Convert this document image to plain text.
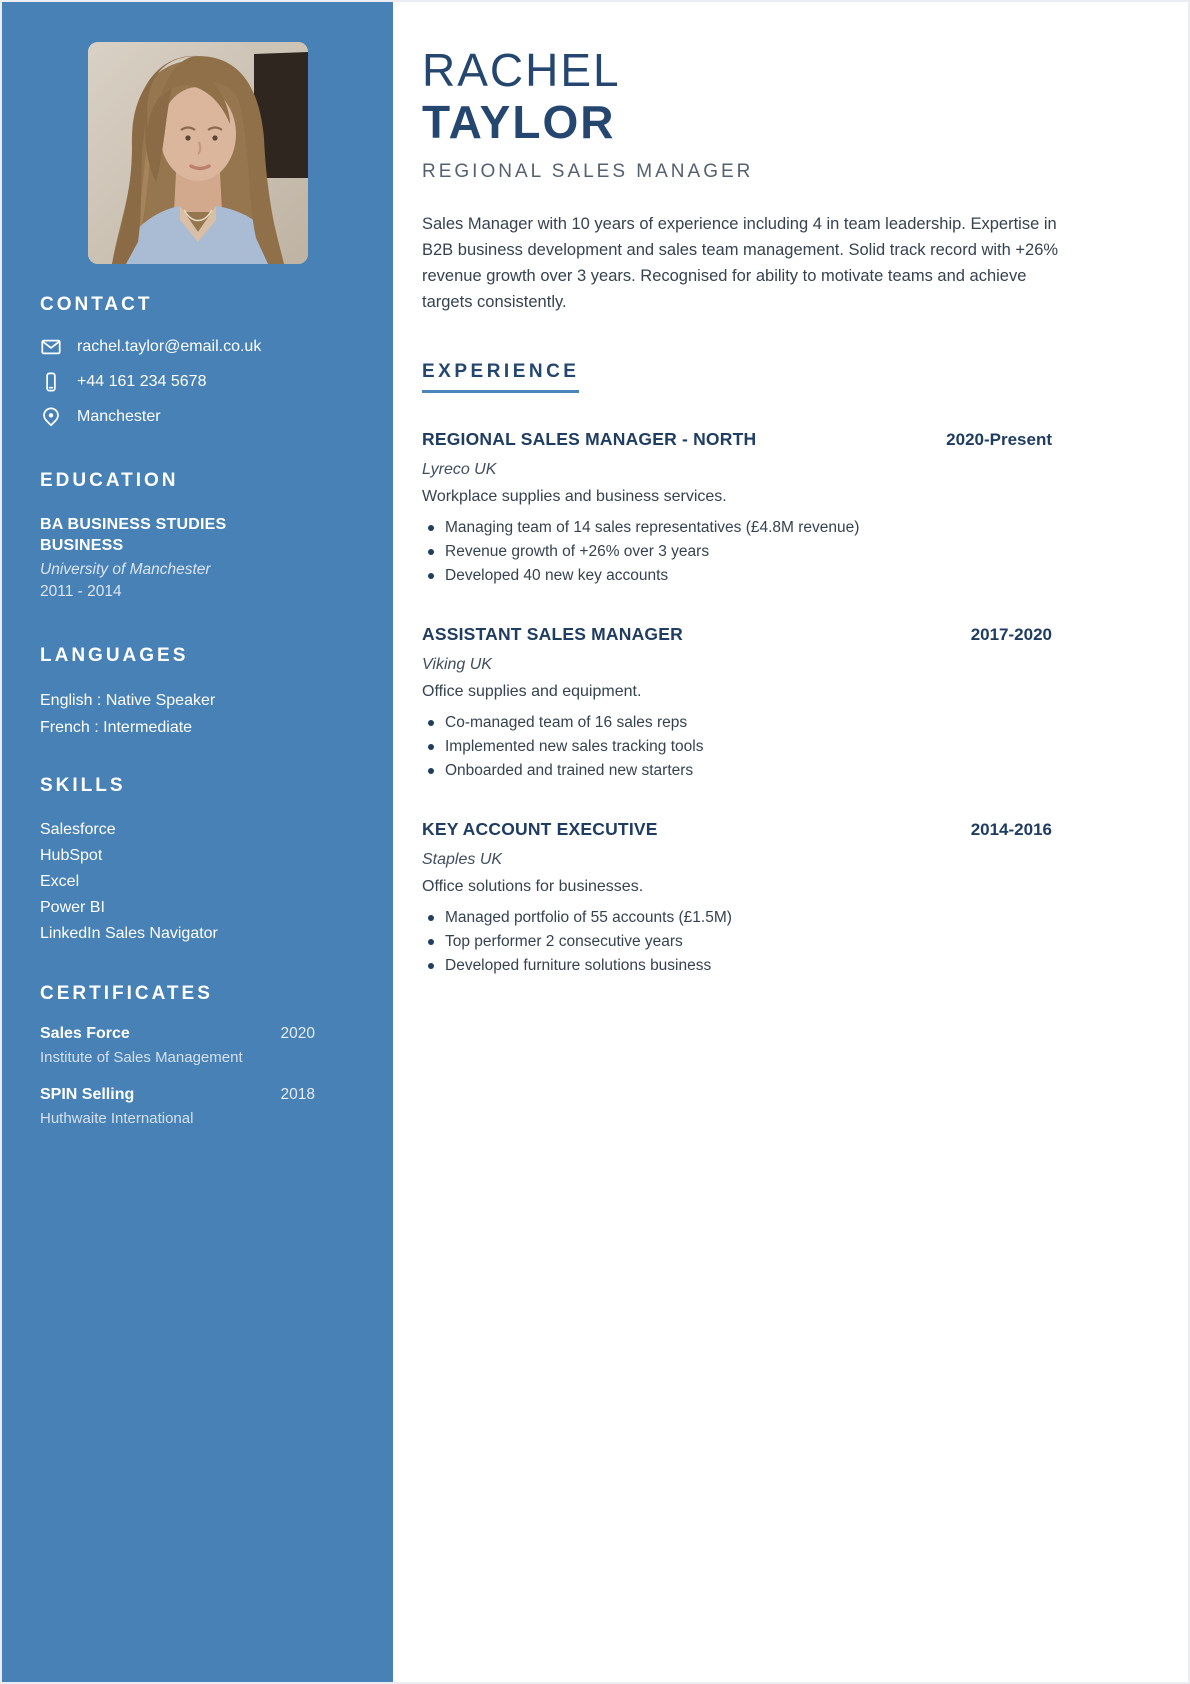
CONTACT
rachel.taylor@email.co.uk
+44 161 234 5678
Manchester
EDUCATION
BA BUSINESS STUDIES BUSINESS
University of Manchester
2011 - 2014
LANGUAGES
English : Native Speaker
French : Intermediate
SKILLS
Salesforce
HubSpot
Excel
Power BI
LinkedIn Sales Navigator
CERTIFICATES
Sales Force	2020
Institute of Sales Management
SPIN Selling	2018
Huthwaite International
RACHEL
TAYLOR
REGIONAL SALES MANAGER

Sales Manager with 10 years of experience including 4 in team leadership. Expertise in B2B business development and sales team management. Solid track record with +26% revenue growth over 3 years. Recognised for ability to motivate teams and achieve targets consistently.

EXPERIENCE
REGIONAL SALES MANAGER - NORTH	2020-Present
Lyreco UK
Workplace supplies and business services.
Managing team of 14 sales representatives (£4.8M revenue)
Revenue growth of +26% over 3 years
Developed 40 new key accounts
ASSISTANT SALES MANAGER	2017-2020
Viking UK
Office supplies and equipment.
Co-managed team of 16 sales reps
Implemented new sales tracking tools
Onboarded and trained new starters
KEY ACCOUNT EXECUTIVE	2014-2016
Staples UK
Office solutions for businesses.
Managed portfolio of 55 accounts (£1.5M)
Top performer 2 consecutive years
Developed furniture solutions business
